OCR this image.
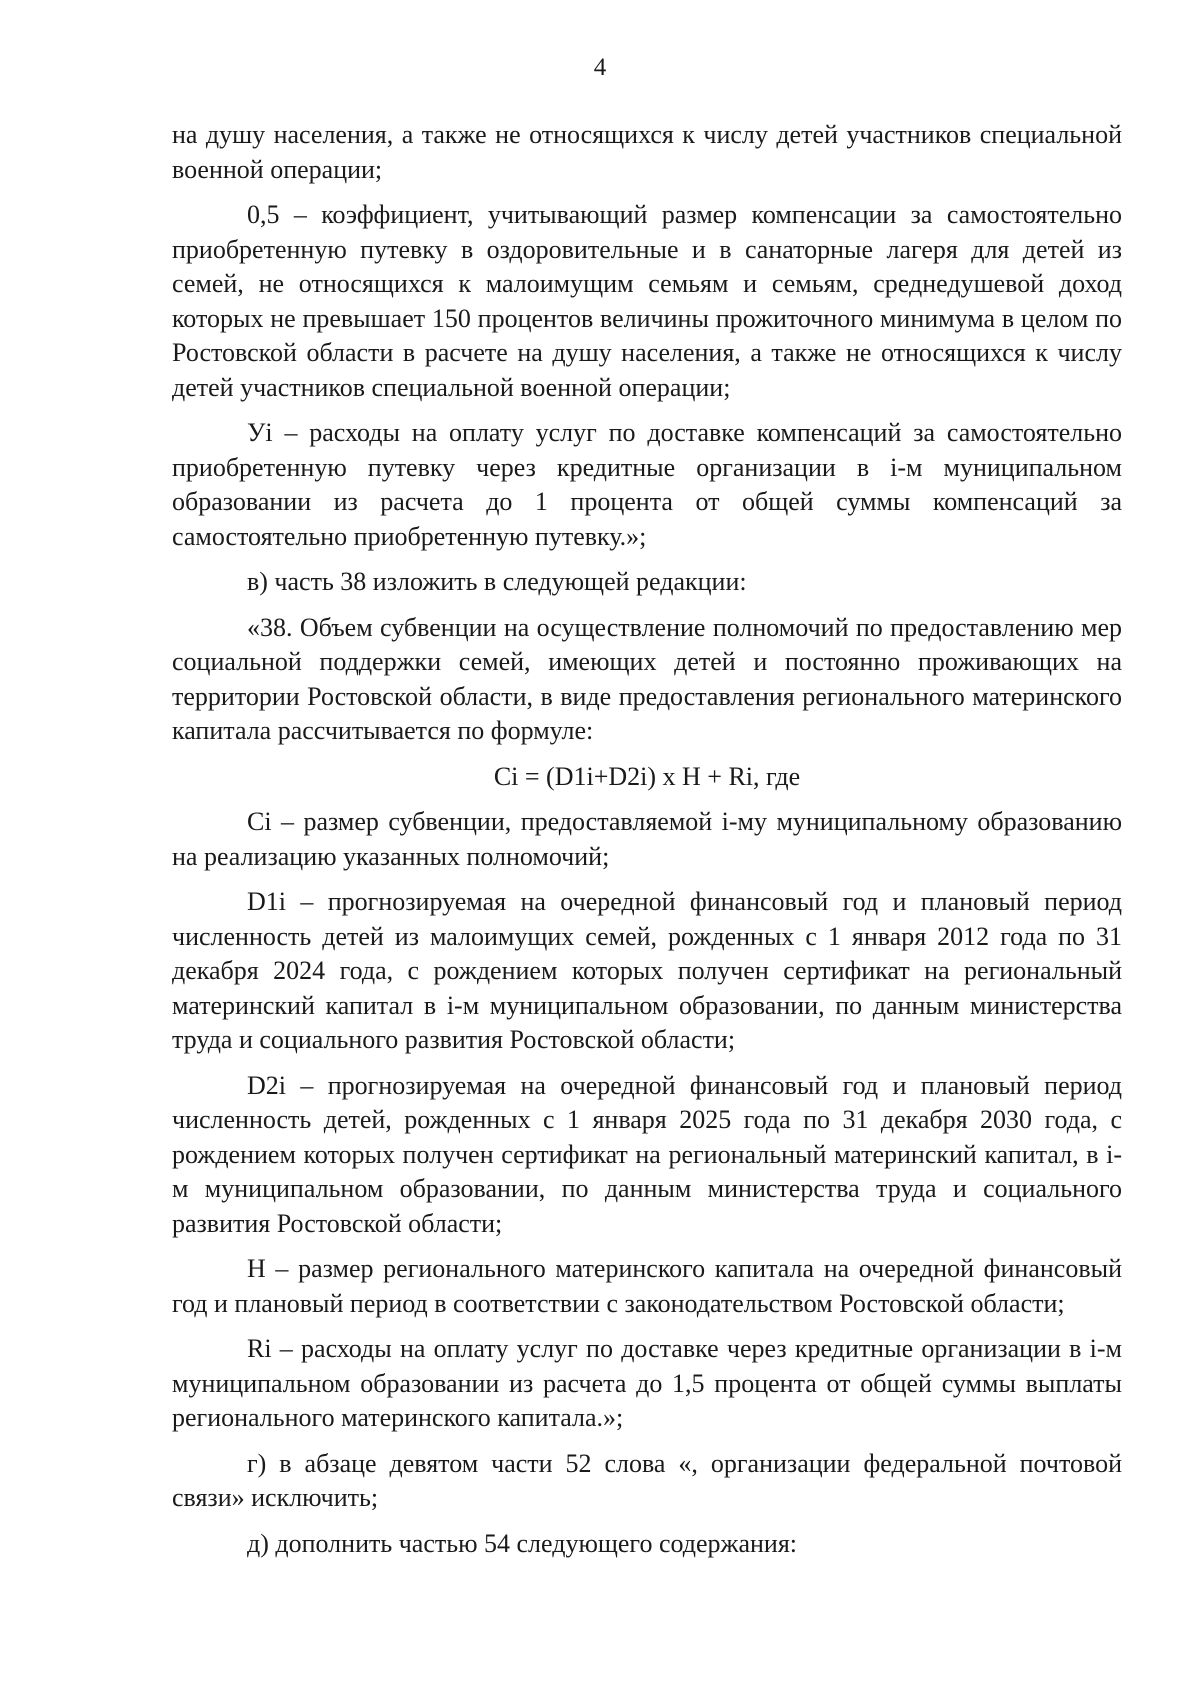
4

на душу населения, а также не относящихся к числу детей участников специальной военной операции;

0,5 – коэффициент, учитывающий размер компенсации за самостоятельно приобретенную путевку в оздоровительные и в санаторные лагеря для детей из семей, не относящихся к малоимущим семьям и семьям, среднедушевой доход которых не превышает 150 процентов величины прожиточного минимума в целом по Ростовской области в расчете на душу населения, а также не относящихся к числу детей участников специальной военной операции;

Уi – расходы на оплату услуг по доставке компенсаций за самостоятельно приобретенную путевку через кредитные организации в i-м муниципальном образовании из расчета до 1 процента от общей суммы компенсаций за самостоятельно приобретенную путевку.»;

в) часть 38 изложить в следующей редакции:

«38. Объем субвенции на осуществление полномочий по предоставлению мер социальной поддержки семей, имеющих детей и постоянно проживающих на территории Ростовской области, в виде предоставления регионального материнского капитала рассчитывается по формуле:

Сi = (D1i+D2i) х Н + Ri, где

Сi – размер субвенции, предоставляемой i-му муниципальному образованию на реализацию указанных полномочий;

D1i – прогнозируемая на очередной финансовый год и плановый период численность детей из малоимущих семей, рожденных с 1 января 2012 года по 31 декабря 2024 года, с рождением которых получен сертификат на региональный материнский капитал в i-м муниципальном образовании, по данным министерства труда и социального развития Ростовской области;

D2i – прогнозируемая на очередной финансовый год и плановый период численность детей, рожденных с 1 января 2025 года по 31 декабря 2030 года, с рождением которых получен сертификат на региональный материнский капитал, в i-м муниципальном образовании, по данным министерства труда и социального развития Ростовской области;

Н – размер регионального материнского капитала на очередной финансовый год и плановый период в соответствии с законодательством Ростовской области;

Ri – расходы на оплату услуг по доставке через кредитные организации в i-м муниципальном образовании из расчета до 1,5 процента от общей суммы выплаты регионального материнского капитала.»;

г) в абзаце девятом части 52 слова «, организации федеральной почтовой связи» исключить;

д) дополнить частью 54 следующего содержания:
